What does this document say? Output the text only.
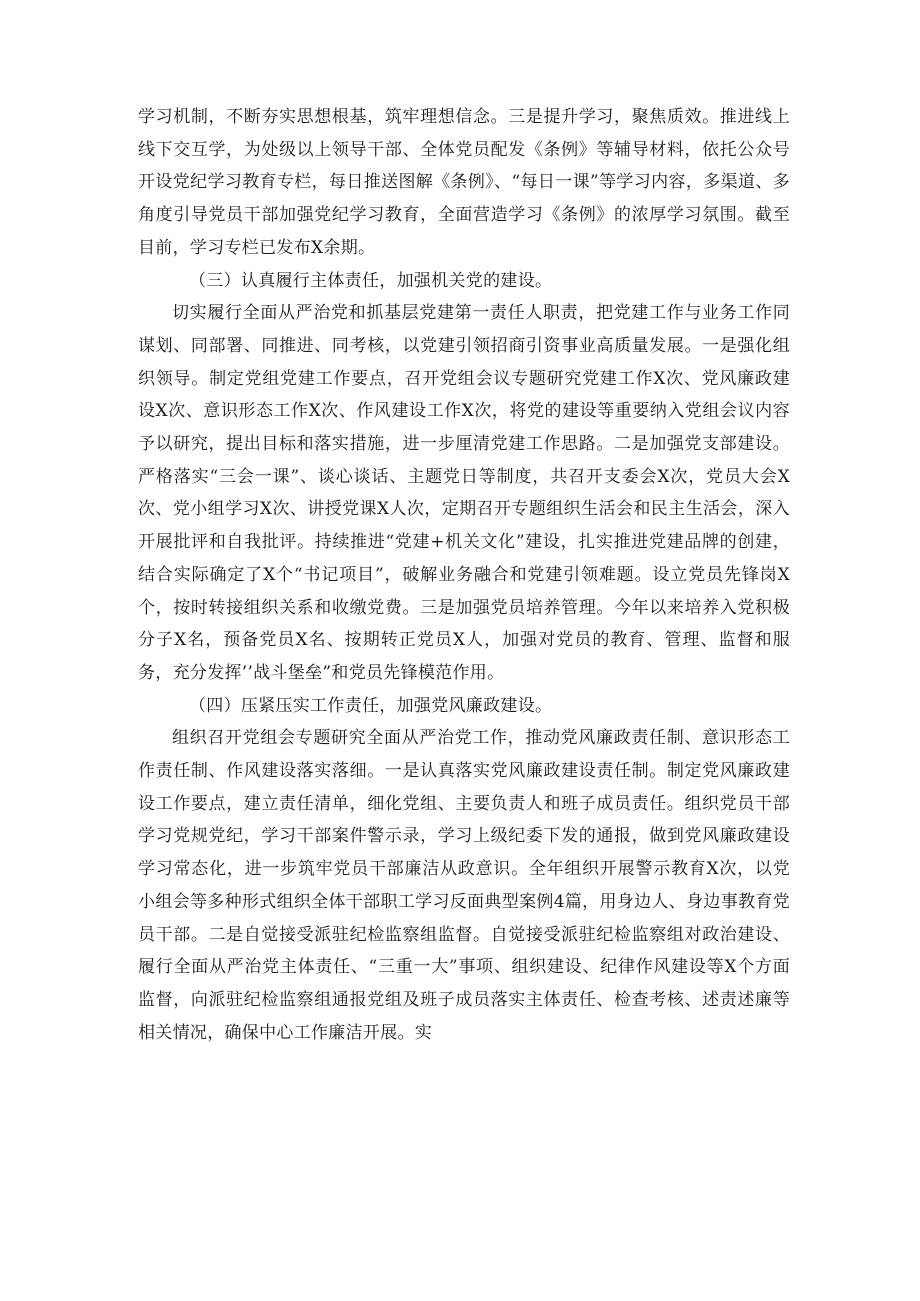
学习机制，不断夯实思想根基，筑牢理想信念。三是提升学习，聚焦质效。推进线上线下交互学，为处级以上领导干部、全体党员配发《条例》等辅导材料，依托公众号开设党纪学习教育专栏，每日推送图解《条例》、“每日一课”等学习内容，多渠道、多角度引导党员干部加强党纪学习教育，全面营造学习《条例》的浓厚学习氛围。截至目前，学习专栏已发布X余期。

（三）认真履行主体责任，加强机关党的建设。

切实履行全面从严治党和抓基层党建第一责任人职责，把党建工作与业务工作同谋划、同部署、同推进、同考核，以党建引领招商引资事业高质量发展。一是强化组织领导。制定党组党建工作要点，召开党组会议专题研究党建工作X次、党风廉政建设X次、意识形态工作X次、作风建设工作X次，将党的建设等重要纳入党组会议内容予以研究，提出目标和落实措施，进一步厘清党建工作思路。二是加强党支部建设。严格落实“三会一课”、谈心谈话、主题党日等制度，共召开支委会X次，党员大会X次、党小组学习X次、讲授党课X人次，定期召开专题组织生活会和民主生活会，深入开展批评和自我批评。持续推进“党建+机关文化”建设，扎实推进党建品牌的创建，结合实际确定了X个“书记项目”，破解业务融合和党建引领难题。设立党员先锋岗X个，按时转接组织关系和收缴党费。三是加强党员培养管理。今年以来培养入党积极分子X名，预备党员X名、按期转正党员X人，加强对党员的教育、管理、监督和服务，充分发挥’’战斗堡垒”和党员先锋模范作用。

（四）压紧压实工作责任，加强党风廉政建设。

组织召开党组会专题研究全面从严治党工作，推动党风廉政责任制、意识形态工作责任制、作风建设落实落细。一是认真落实党风廉政建设责任制。制定党风廉政建设工作要点，建立责任清单，细化党组、主要负责人和班子成员责任。组织党员干部学习党规党纪，学习干部案件警示录，学习上级纪委下发的通报，做到党风廉政建设学习常态化，进一步筑牢党员干部廉洁从政意识。全年组织开展警示教育X次，以党小组会等多种形式组织全体干部职工学习反面典型案例4篇，用身边人、身边事教育党员干部。二是自觉接受派驻纪检监察组监督。自觉接受派驻纪检监察组对政治建设、履行全面从严治党主体责任、“三重一大”事项、组织建设、纪律作风建设等X个方面监督，向派驻纪检监察组通报党组及班子成员落实主体责任、检查考核、述责述廉等相关情况，确保中心工作廉洁开展。实
